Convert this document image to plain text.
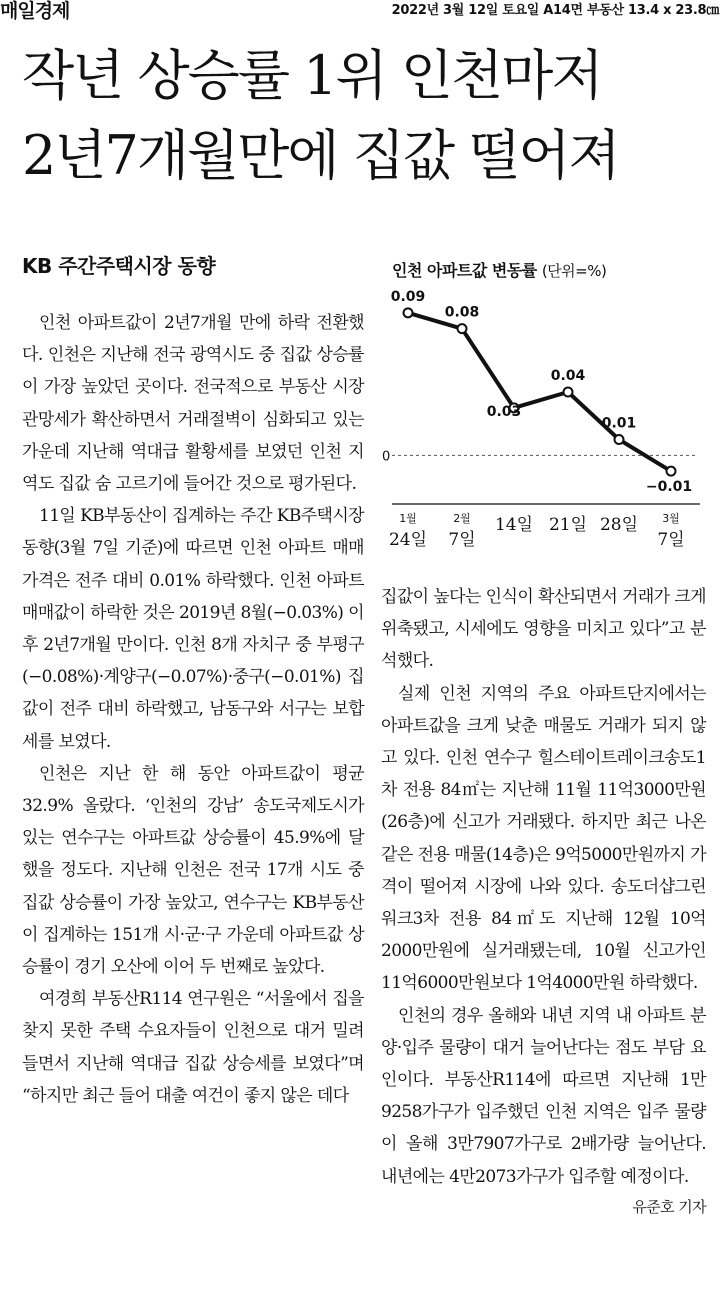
매일경제	2022년 3월 12일 토요일 A14면 부동산 13.4 x 23.8㎝
작년 상승률 1위 인천마저
2년7개월만에 집값 떨어져
KB 주간주택시장 동향

인천 아파트값이 2년7개월 만에 하락 전환했다. 인천은 지난해 전국 광역시도 중 집값 상승률이 가장 높았던 곳이다. 전국적으로 부동산 시장 관망세가 확산하면서 거래절벽이 심화되고 있는 가운데 지난해 역대급 활황세를 보였던 인천 지역도 집값 숨 고르기에 들어간 것으로 평가된다.

11일 KB부동산이 집계하는 주간 KB주택시장동향(3월 7일 기준)에 따르면 인천 아파트 매매가격은 전주 대비 0.01% 하락했다. 인천 아파트 매매값이 하락한 것은 2019년 8월(−0.03%) 이후 2년7개월 만이다. 인천 8개 자치구 중 부평구(−0.08%)·계양구(−0.07%)·중구(−0.01%) 집값이 전주 대비 하락했고, 남동구와 서구는 보합세를 보였다.

인천은 지난 한 해 동안 아파트값이 평균 32.9% 올랐다. ‘인천의 강남’ 송도국제도시가 있는 연수구는 아파트값 상승률이 45.9%에 달했을 정도다. 지난해 인천은 전국 17개 시도 중 집값 상승률이 가장 높았고, 연수구는 KB부동산이 집계하는 151개 시·군·구 가운데 아파트값 상승률이 경기 오산에 이어 두 번째로 높았다.

여경희 부동산R114 연구원은 “서울에서 집을 찾지 못한 주택 수요자들이 인천으로 대거 밀려들면서 지난해 역대급 집값 상승세를 보였다”며 “하지만 최근 들어 대출 여건이 좋지 않은 데다

인천 아파트값 변동률 (단위=%)
0
0.09
0.08
0.03
0.04
0.01
−0.01
1월
24일
2월
7일
14일 21일 28일 3월
7일

집값이 높다는 인식이 확산되면서 거래가 크게 위축됐고, 시세에도 영향을 미치고 있다”고 분석했다.

실제 인천 지역의 주요 아파트단지에서는 아파트값을 크게 낮춘 매물도 거래가 되지 않고 있다. 인천 연수구 힐스테이트레이크송도1차 전용 84㎡는 지난해 11월 11억3000만원(26층)에 신고가 거래됐다. 하지만 최근 나온 같은 전용 매물(14층)은 9억5000만원까지 가격이 떨어져 시장에 나와 있다. 송도더샵그린워크3차 전용 84㎡도 지난해 12월 10억2000만원에 실거래됐는데, 10월 신고가인 11억6000만원보다 1억4000만원 하락했다.

인천의 경우 올해와 내년 지역 내 아파트 분양·입주 물량이 대거 늘어난다는 점도 부담 요인이다. 부동산R114에 따르면 지난해 1만9258가구가 입주했던 인천 지역은 입주 물량이 올해 3만7907가구로 2배가량 늘어난다. 내년에는 4만2073가구가 입주할 예정이다.

유준호 기자
